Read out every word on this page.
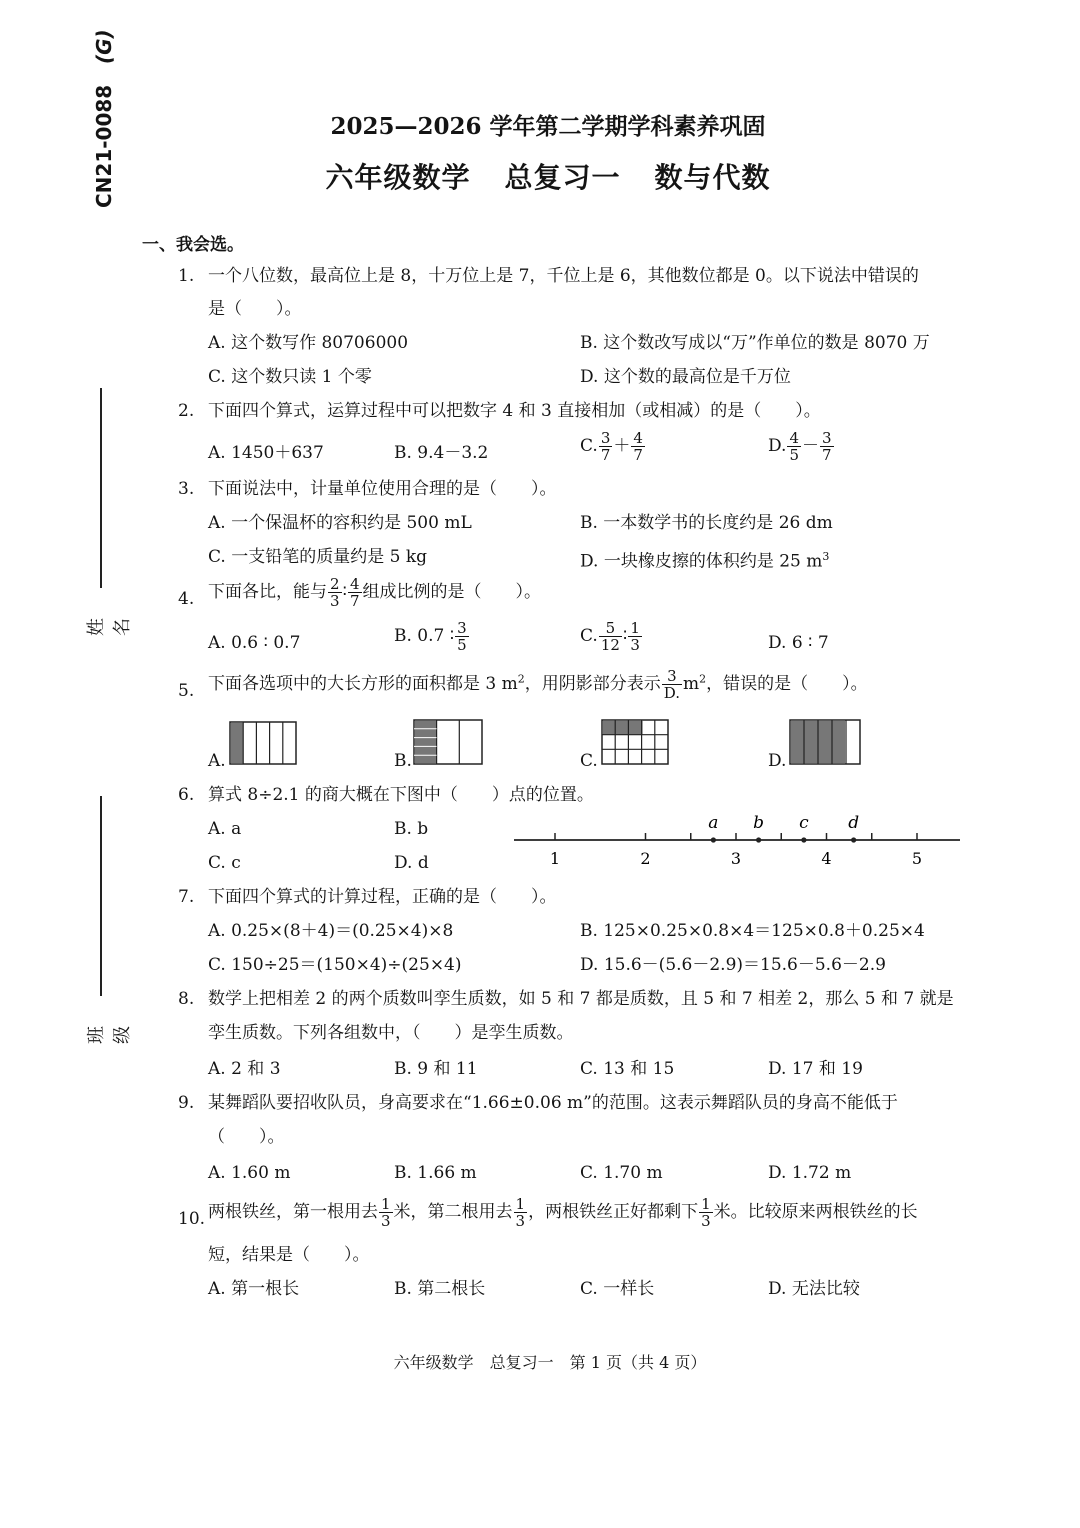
CN21-0088
(G)
姓名
班级
2025—2026 学年第二学期学科素养巩固
六年级数学 总复习一 数与代数
一、我会选。
1. 一个八位数，最高位上是 8，十万位上是 7，千位上是 6，其他数位都是 0。以下说法中错误的
是（　　）。
A. 这个数写作 80706000	B. 这个数改写成以“万”作单位的数是 8070 万
C. 这个数只读 1 个零	D. 这个数的最高位是千万位
2. 下面四个算式，运算过程中可以把数字 4 和 3 直接相加（或相减）的是（　　）。
A. 1450＋637	B. 9.4－3.2	C. $\frac{3}{7} + \frac{4}{7}$	D. $\frac{4}{5} - \frac{3}{7}$
3. 下面说法中，计量单位使用合理的是（　　）。
A. 一个保温杯的容积约是 500 mL	B. 一本数学书的长度约是 26 dm
C. 一支铅笔的质量约是 5 kg	D. 一块橡皮擦的体积约是 25 $m^3$
4. 下面各比，能与 $\frac{2}{3}$ ∶ $\frac{4}{7}$ 组成比例的是（　　）。
A. 0.6 ∶ 0.7	B. 0.7 ∶ $\frac{3}{5}$	C. $\frac{5}{12}$ ∶ $\frac{1}{3}$	D. 6 ∶ 7
5. 下面各选项中的大长方形的面积都是 3 $m^2$，用阴影部分表示 $\frac{3}{D.} m^2$，错误的是（　　）。
A.	B.	C.	D.
6. 算式 8÷2.1 的商大概在下图中（　　）点的位置。
A. a	B. b
C. c	D. d	1	2	3	4	5
a b c d
7. 下面四个算式的计算过程，正确的是（　　）。
A. 0.25×(8＋4)＝(0.25×4)×8	B. 125×0.25×0.8×4＝125×0.8＋0.25×4
C. 150÷25＝(150×4)÷(25×4)	D. 15.6－(5.6－2.9)＝15.6－5.6－2.9
8. 数学上把相差 2 的两个质数叫孪生质数，如 5 和 7 都是质数，且 5 和 7 相差 2，那么 5 和 7 就是
孪生质数。下列各组数中，（　　）是孪生质数。
A. 2 和 3	B. 9 和 11	C. 13 和 15	D. 17 和 19
9. 某舞蹈队要招收队员，身高要求在“1.66±0.06 m”的范围。这表示舞蹈队员的身高不能低于
（　　）。
A. 1.60 m	B. 1.66 m	C. 1.70 m	D. 1.72 m
10. 两根铁丝，第一根用去 $\frac{1}{3}$ 米，第二根用去 $\frac{1}{3}$ ，两根铁丝正好都剩下 $\frac{1}{3}$ 米。比较原来两根铁丝的长
短，结果是（　　）。
A. 第一根长	B. 第二根长	C. 一样长	D. 无法比较
六年级数学　总复习一　第 1 页（共 4 页）
